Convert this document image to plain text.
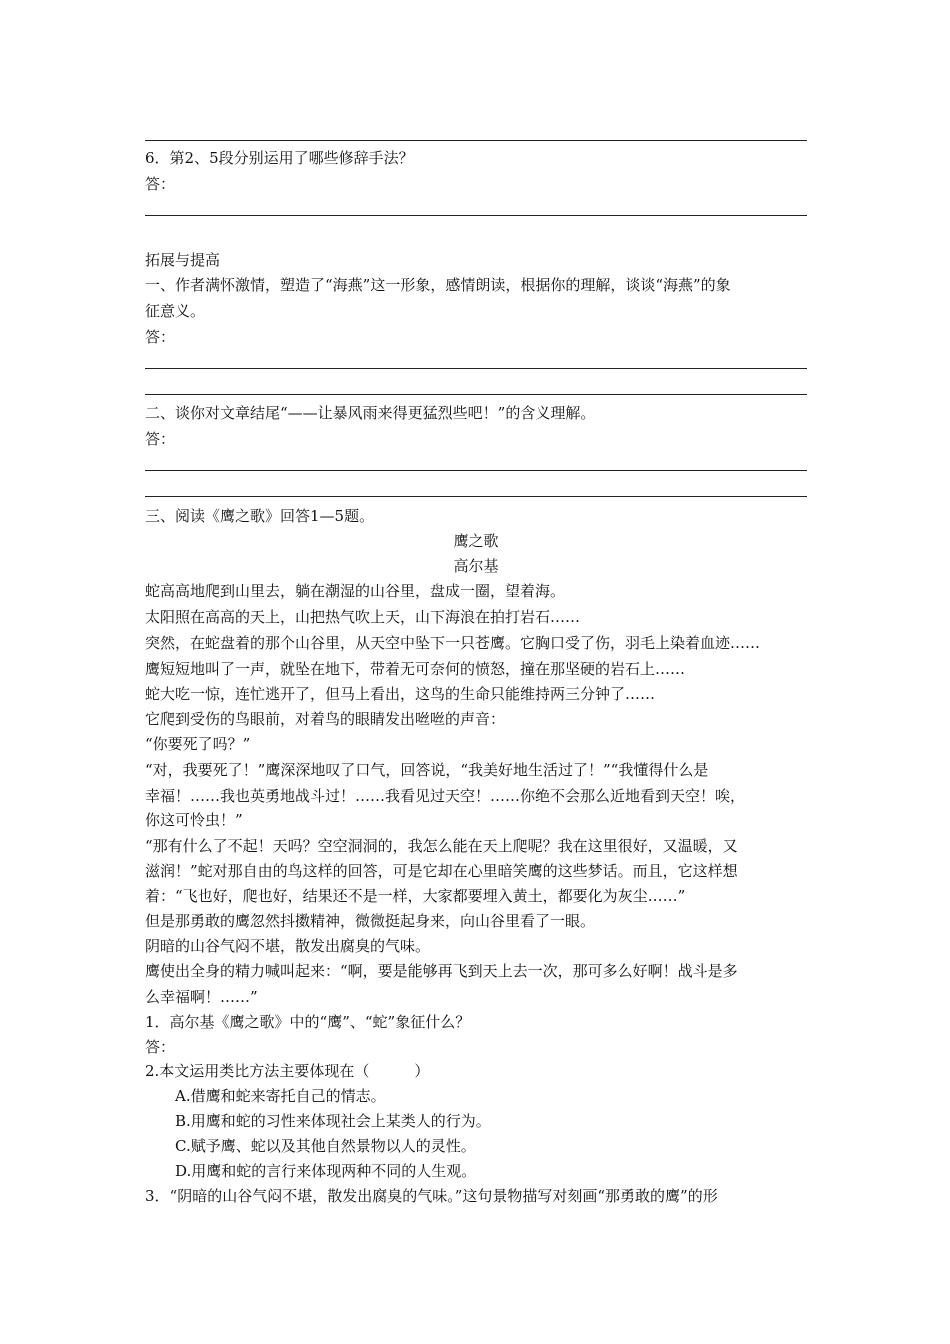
6．第2、5段分别运用了哪些修辞手法？
答：
拓展与提高
一、作者满怀激情，塑造了“海燕”这一形象，感情朗读，根据你的理解，谈谈“海燕”的象
征意义。
答：
二、谈你对文章结尾“——让暴风雨来得更猛烈些吧！”的含义理解。
答：
三、阅读《鹰之歌》回答1—5题。
鹰之歌
高尔基
蛇高高地爬到山里去，躺在潮湿的山谷里，盘成一圈，望着海。
太阳照在高高的天上，山把热气吹上天，山下海浪在拍打岩石……
突然，在蛇盘着的那个山谷里，从天空中坠下一只苍鹰。它胸口受了伤，羽毛上染着血迹……
鹰短短地叫了一声，就坠在地下，带着无可奈何的愤怒，撞在那坚硬的岩石上……
蛇大吃一惊，连忙逃开了，但马上看出，这鸟的生命只能维持两三分钟了……
它爬到受伤的鸟眼前，对着鸟的眼睛发出咝咝的声音：
“你要死了吗？”
“对，我要死了！”鹰深深地叹了口气，回答说，“我美好地生活过了！”“我懂得什么是
幸福！……我也英勇地战斗过！……我看见过天空！……你绝不会那么近地看到天空！唉，
你这可怜虫！”
“那有什么了不起！天吗？空空洞洞的，我怎么能在天上爬呢？我在这里很好，又温暖，又
滋润！”蛇对那自由的鸟这样的回答，可是它却在心里暗笑鹰的这些梦话。而且，它这样想
着：“飞也好，爬也好，结果还不是一样，大家都要埋入黄土，都要化为灰尘……”
但是那勇敢的鹰忽然抖擞精神，微微挺起身来，向山谷里看了一眼。
阴暗的山谷气闷不堪，散发出腐臭的气味。
鹰使出全身的精力喊叫起来：“啊，要是能够再飞到天上去一次，那可多么好啊！战斗是多
么幸福啊！……”
1．高尔基《鹰之歌》中的“鹰”、“蛇”象征什么？
答：
2.本文运用类比方法主要体现在（　　　）
A.借鹰和蛇来寄托自己的情志。
B.用鹰和蛇的习性来体现社会上某类人的行为。
C.赋予鹰、蛇以及其他自然景物以人的灵性。
D.用鹰和蛇的言行来体现两种不同的人生观。
3．“阴暗的山谷气闷不堪，散发出腐臭的气味。”这句景物描写对刻画“那勇敢的鹰”的形
